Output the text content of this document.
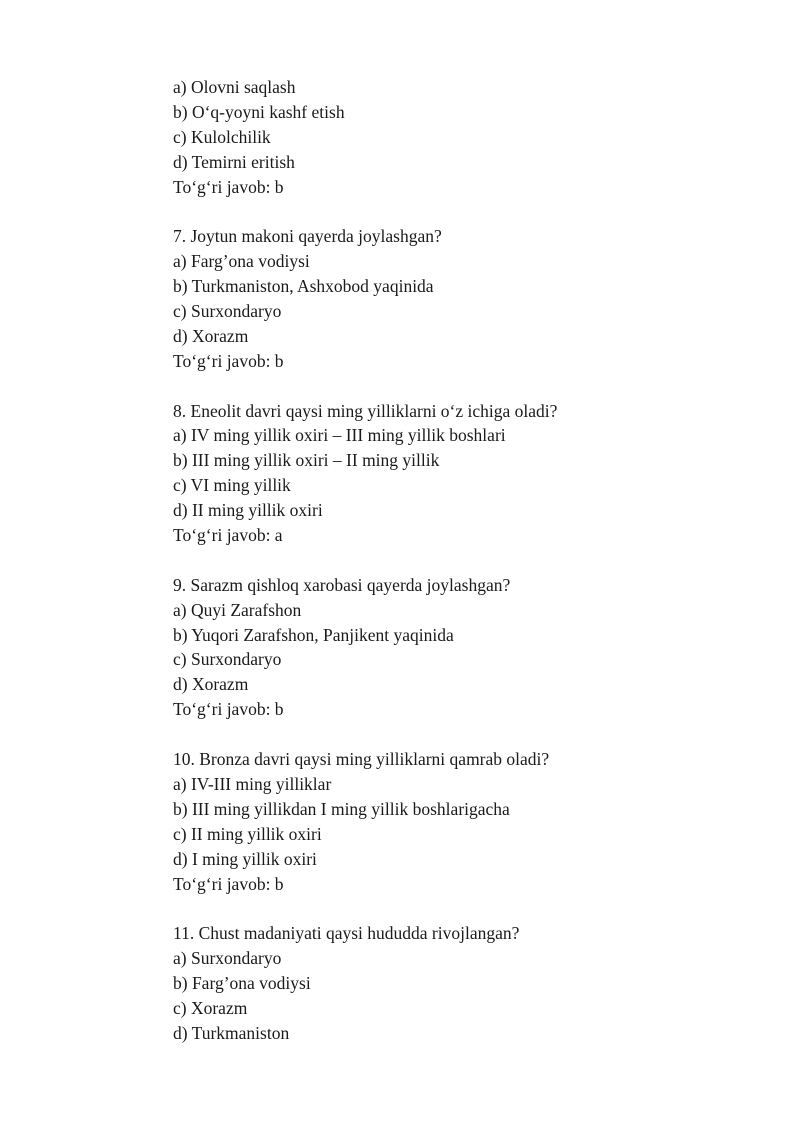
a) Olovni saqlash
b) O‘q-yoyni kashf etish
c) Kulolchilik
d) Temirni eritish
To‘g‘ri javob: b
7. Joytun makoni qayerda joylashgan?
a) Farg’ona vodiysi
b) Turkmaniston, Ashxobod yaqinida
c) Surxondaryo
d) Xorazm
To‘g‘ri javob: b
8. Eneolit davri qaysi ming yilliklarni o‘z ichiga oladi?
a) IV ming yillik oxiri – III ming yillik boshlari
b) III ming yillik oxiri – II ming yillik
c) VI ming yillik
d) II ming yillik oxiri
To‘g‘ri javob: a
9. Sarazm qishloq xarobasi qayerda joylashgan?
a) Quyi Zarafshon
b) Yuqori Zarafshon, Panjikent yaqinida
c) Surxondaryo
d) Xorazm
To‘g‘ri javob: b
10. Bronza davri qaysi ming yilliklarni qamrab oladi?
a) IV-III ming yilliklar
b) III ming yillikdan I ming yillik boshlarigacha
c) II ming yillik oxiri
d) I ming yillik oxiri
To‘g‘ri javob: b
11. Chust madaniyati qaysi hududda rivojlangan?
a) Surxondaryo
b) Farg’ona vodiysi
c) Xorazm
d) Turkmaniston
